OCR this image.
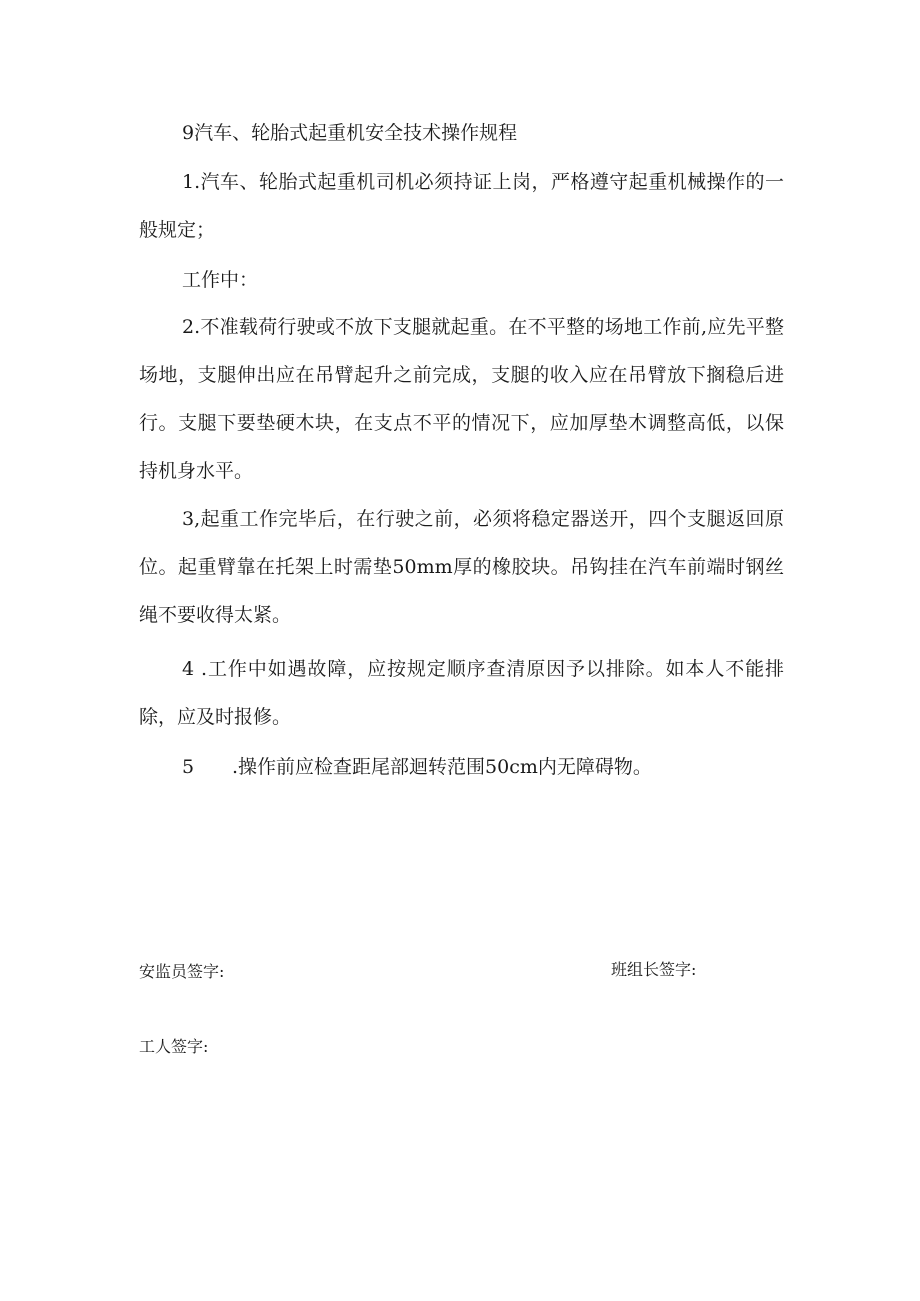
9汽车、轮胎式起重机安全技术操作规程

1.汽车、轮胎式起重机司机必须持证上岗，严格遵守起重机械操作的一般规定；

工作中：

2.不准载荷行驶或不放下支腿就起重。在不平整的场地工作前,应先平整场地，支腿伸出应在吊臂起升之前完成，支腿的收入应在吊臂放下搁稳后进行。支腿下要垫硬木块，在支点不平的情况下，应加厚垫木调整高低，以保持机身水平。

3,起重工作完毕后，在行驶之前，必须将稳定器送开，四个支腿返回原位。起重臂靠在托架上时需垫50mm厚的橡胶块。吊钩挂在汽车前端时钢丝绳不要收得太紧。

4 .工作中如遇故障，应按规定顺序查清原因予以排除。如本人不能排除，应及时报修。

5 .操作前应检查距尾部迴转范围50cm内无障碍物。
安监员签字:	班组长签字:
工人签字:
